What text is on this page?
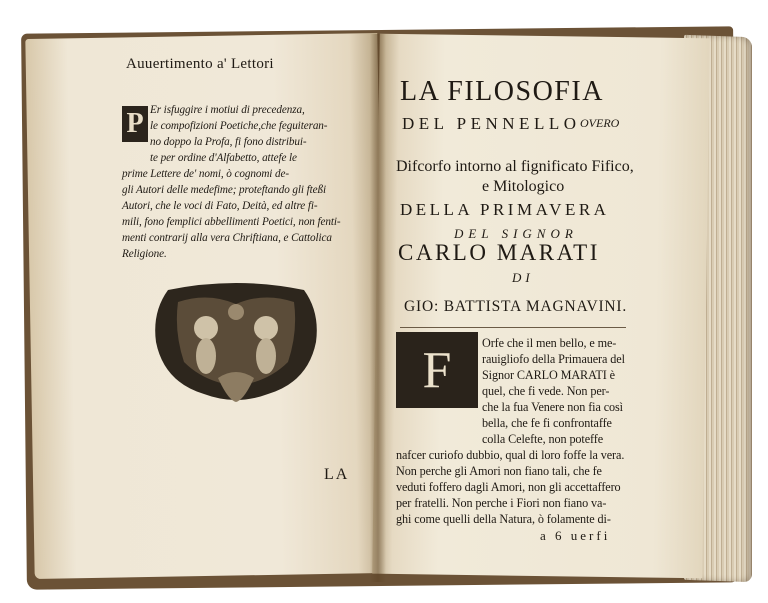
Auuertimento a' Lettori
P Er isfuggire i motiui di precedenza,
le compofizioni Poetiche,che feguiteran-
no doppo la Profa, fi fono distribui-
te per ordine d'Alfabetto, attefe le
prime Lettere de' nomi, ò cognomi de-
gli Autori delle medefime; proteftando gli fteßi
Autori, che le voci di Fato, Deità, ed altre fi-
mili, fono femplici abbellimenti Poetici, non fenti-
menti contrarij alla vera Chriftiana, e Cattolica
Religione.
LA
LA FILOSOFIA
DEL PENNELLO OVERO
Difcorfo intorno al fignificato Fifico,
e Mitologico
DELLA PRIMAVERA
DEL SIGNOR
CARLO MARATI
DI
GIO: BATTISTA MAGNAVINI.
F	Orfe che il men bello, e me-
rauigliofo della Primauera del
Signor CARLO MARATI è
quel, che fi vede. Non per-
che la fua Venere non fia così
bella, che fe fi confrontaffe
colla Celefte, non poteffe
nafcer curiofo dubbio, qual di loro foffe la vera.
Non perche gli Amori non fiano tali, che fe
veduti foffero dagli Amori, non gli accettaffero
per fratelli. Non perche i Fiori non fiano va-
ghi come quelli della Natura, ò folamente di-
a 6 uerfi
